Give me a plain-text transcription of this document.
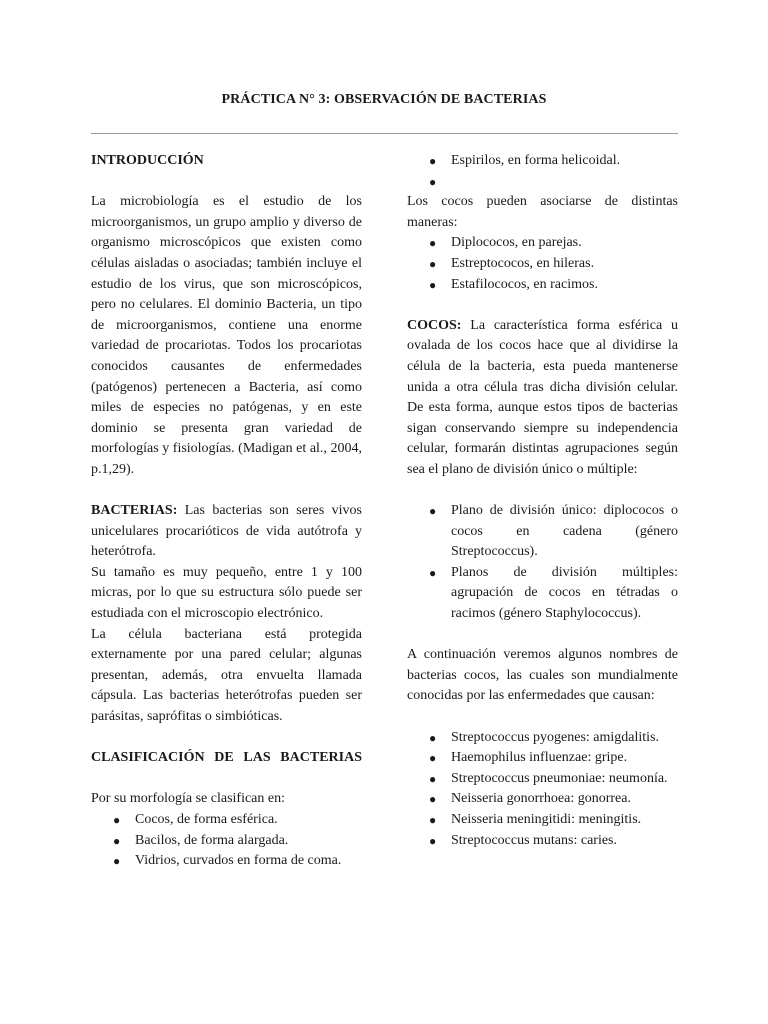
PRÁCTICA N° 3: OBSERVACIÓN DE BACTERIAS
INTRODUCCIÓN

La microbiología es el estudio de los microorganismos, un grupo amplio y diverso de organismo microscópicos que existen como células aisladas o asociadas; también incluye el estudio de los virus, que son microscópicos, pero no celulares. El dominio Bacteria, un tipo de microorganismos, contiene una enorme variedad de procariotas. Todos los procariotas conocidos causantes de enfermedades (patógenos) pertenecen a Bacteria, así como miles de especies no patógenas, y en este dominio se presenta gran variedad de morfologías y fisiologías. (Madigan et al., 2004, p.1,29).

BACTERIAS: Las bacterias son seres vivos unicelulares procarióticos de vida autótrofa y heterótrofa.

Su tamaño es muy pequeño, entre 1 y 100 micras, por lo que su estructura sólo puede ser estudiada con el microscopio electrónico.

La célula bacteriana está protegida externamente por una pared celular; algunas presentan, además, otra envuelta llamada cápsula. Las bacterias heterótrofas pueden ser parásitas, saprófitas o simbióticas.

CLASIFICACIÓN DE LAS BACTERIAS

Por su morfología se clasifican en:

● Cocos, de forma esférica.
● Bacilos, de forma alargada.
● Vidrios, curvados en forma de coma.
● Espirilos, en forma helicoidal.
●

Los cocos pueden asociarse de distintas maneras:

● Diplococos, en parejas.
● Estreptococos, en hileras.
● Estafilococos, en racimos.

COCOS: La característica forma esférica u ovalada de los cocos hace que al dividirse la célula de la bacteria, esta pueda mantenerse unida a otra célula tras dicha división celular. De esta forma, aunque estos tipos de bacterias sigan conservando siempre su independencia celular, formarán distintas agrupaciones según sea el plano de división único o múltiple:

● Plano de división único: diplococos o cocos en cadena (género Streptococcus).
● Planos de división múltiples: agrupación de cocos en tétradas o racimos (género Staphylococcus).

A continuación veremos algunos nombres de bacterias cocos, las cuales son mundialmente conocidas por las enfermedades que causan:

● Streptococcus pyogenes: amigdalitis.
● Haemophilus influenzae: gripe.
● Streptococcus pneumoniae: neumonía.
● Neisseria gonorrhoea: gonorrea.
● Neisseria meningitidi: meningitis.
● Streptococcus mutans: caries.
